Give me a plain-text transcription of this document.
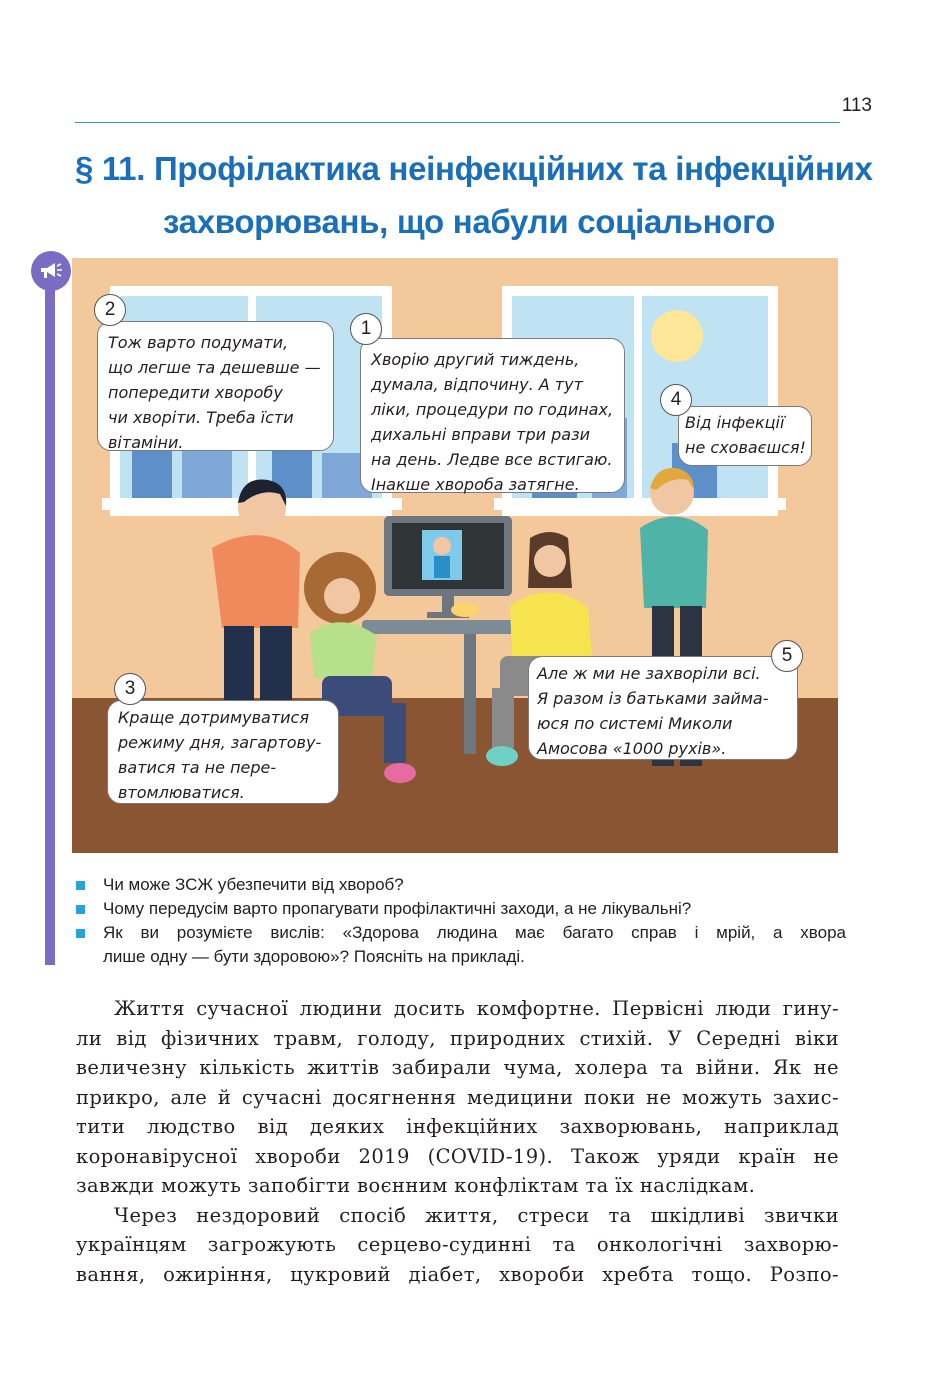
113
§ 11. Профілактика неінфекційних та інфекційних
захворювань, що набули соціального
Тож варто подумати,
що легше та дешевше —
попередити хворобу
чи хворіти. Треба їсти
вітаміни.
2
Хворію другий тиждень,
думала, відпочину. А тут
ліки, процедури по годинах,
дихальні вправи три рази
на день. Ледве все встигаю.
Інакше хвороба затягне.
1
Від інфекції
не сховаєшся!
4
Краще дотримуватися
режиму дня, загартову-
ватися та не пере-
втомлюватися.
3
Але ж ми не захворіли всі.
Я разом із батьками займа-
юся по системі Миколи
Амосова «1000 рухів».
5
Чи може ЗСЖ убезпечити від хвороб?
Чому передусім варто пропагувати профілактичні заходи, а не лікувальні?
Як ви розумієте вислів: «Здорова людина має багато справ і мрій, а хвора
лише одну — бути здоровою»? Поясніть на прикладі.
Життя сучасної людини досить комфортне. Первісні люди гину-
ли від фізичних травм, голоду, природних стихій. У Середні віки
величезну кількість життів забирали чума, холера та війни. Як не
прикро, але й сучасні досягнення медицини поки не можуть захис-
тити людство від деяких інфекційних захворювань, наприклад
коронавірусної хвороби 2019 (COVID-19). Також уряди країн не
завжди можуть запобігти воєнним конфліктам та їх наслідкам.
Через нездоровий спосіб життя, стреси та шкідливі звички
українцям загрожують серцево-судинні та онкологічні захворю-
вання, ожиріння, цукровий діабет, хвороби хребта тощо. Розпо-
